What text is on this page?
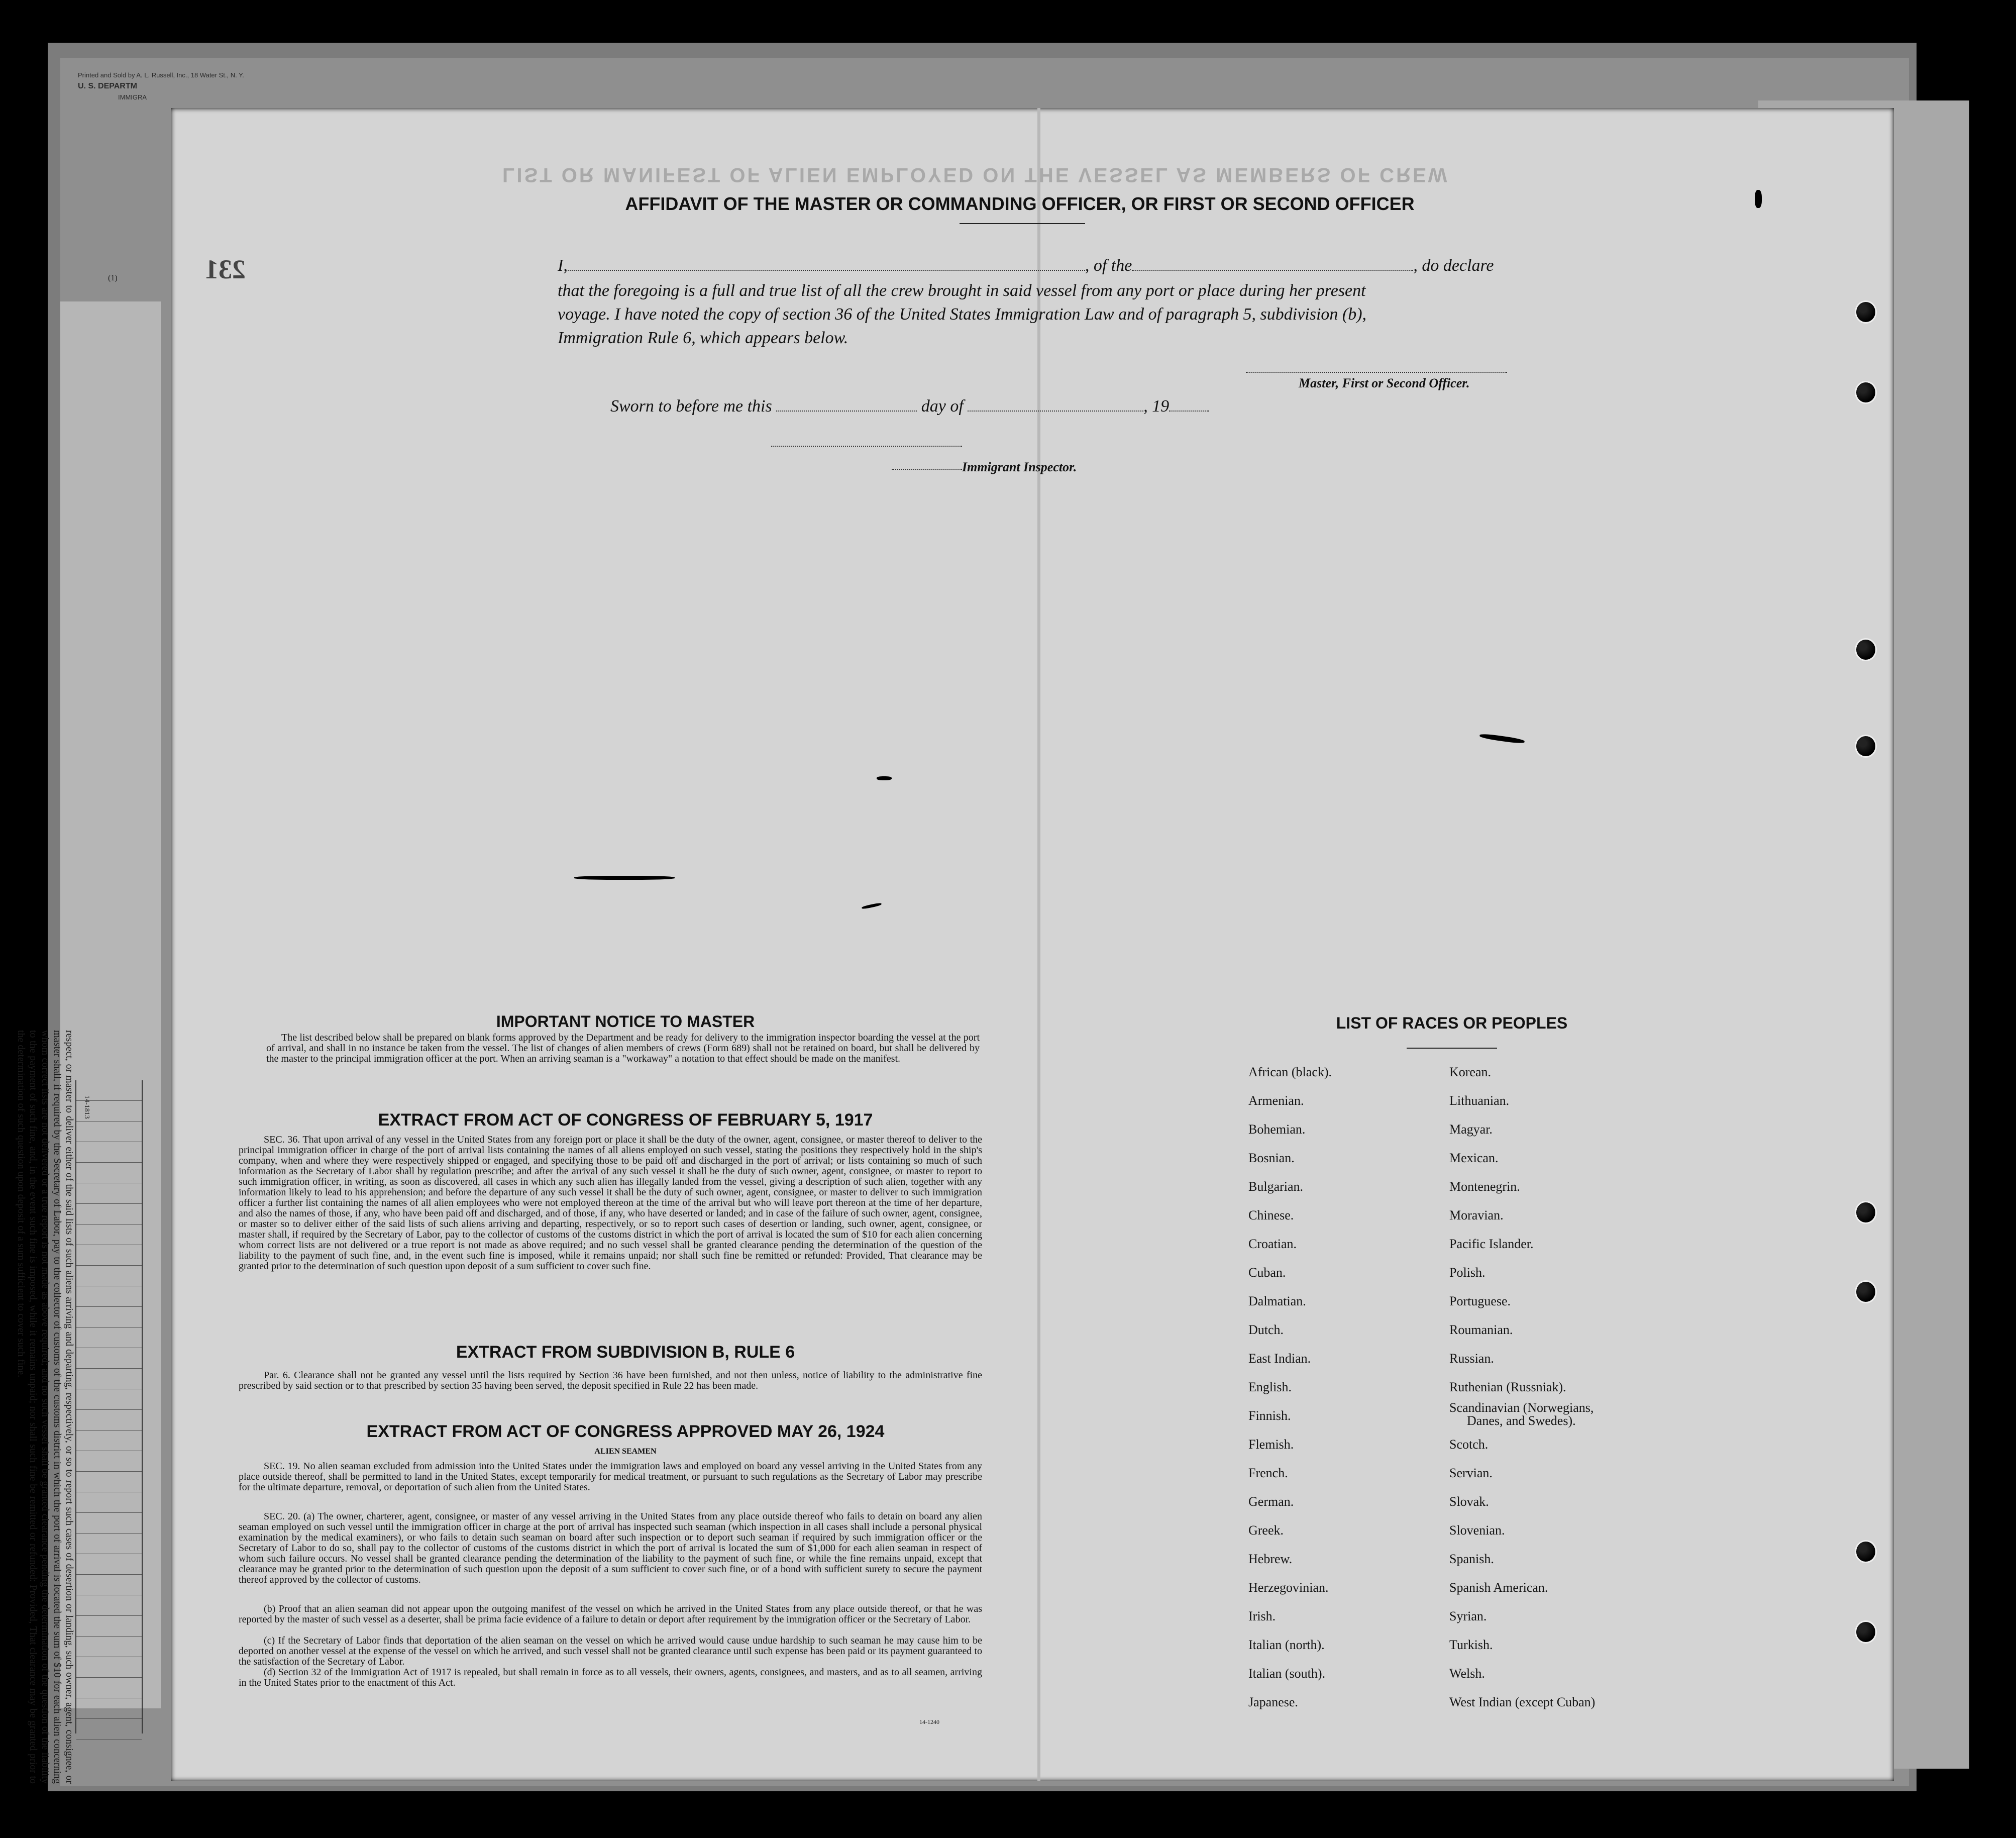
Printed and Sold by A. L. Russell, Inc., 18 Water St., N. Y.
U. S. DEPARTM
IMMIGRA
(1)
respect, or master to deliver either of the said lists of such aliens arriving and departing, respectively, or so to report such cases of desertion or landing, such owner, agent, consignee, or master shall, if required by the Secretary of Labor, pay to the collector of customs of the customs district in which the port of arrival is located the sum of $10 for each alien concerning whom correct lists are not delivered or a true report is not made as above required; and no such vessel shall be granted clearance pending the determination of the question of the liability to the payment of such fine, and, in the event such fine is imposed, while it remains unpaid; nor shall such fine be remitted or refunded: Provided, That clearance may be granted prior to the determination of such question upon deposit of a sum sufficient to cover such fine.	14-1813
LIST OR MANIFEST OF ALIEN EMPLOYED ON THE VESSEL AS MEMBERS OF CREW
231
AFFIDAVIT OF THE MASTER OR COMMANDING OFFICER, OR FIRST OR SECOND OFFICER
I,	, of the	, do declare
that the foregoing is a full and true list of all the crew brought in said vessel from any port or place during her present
voyage. I have noted the copy of section 36 of the United States Immigration Law and of paragraph 5, subdivision (b),
Immigration Rule 6, which appears below.
Master, First or Second Officer.
Sworn to before me this	day of	, 19
Immigrant Inspector.
IMPORTANT NOTICE TO MASTER
The list described below shall be prepared on blank forms approved by the Department and be ready for delivery to the immigration inspector boarding the vessel at the port of arrival, and shall in no instance be taken from the vessel. The list of changes of alien members of crews (Form 689) shall not be retained on board, but shall be delivered by the master to the principal immigration officer at the port. When an arriving seaman is a "workaway" a notation to that effect should be made on the manifest.
EXTRACT FROM ACT OF CONGRESS OF FEBRUARY 5, 1917
SEC. 36. That upon arrival of any vessel in the United States from any foreign port or place it shall be the duty of the owner, agent, consignee, or master thereof to deliver to the principal immigration officer in charge of the port of arrival lists containing the names of all aliens employed on such vessel, stating the positions they respectively hold in the ship's company, when and where they were respectively shipped or engaged, and specifying those to be paid off and discharged in the port of arrival; or lists containing so much of such information as the Secretary of Labor shall by regulation prescribe; and after the arrival of any such vessel it shall be the duty of such owner, agent, consignee, or master to report to such immigration officer, in writing, as soon as discovered, all cases in which any such alien has illegally landed from the vessel, giving a description of such alien, together with any information likely to lead to his apprehension; and before the departure of any such vessel it shall be the duty of such owner, agent, consignee, or master to deliver to such immigration officer a further list containing the names of all alien employees who were not employed thereon at the time of the arrival but who will leave port thereon at the time of her departure, and also the names of those, if any, who have been paid off and discharged, and of those, if any, who have deserted or landed; and in case of the failure of such owner, agent, consignee, or master so to deliver either of the said lists of such aliens arriving and departing, respectively, or so to report such cases of desertion or landing, such owner, agent, consignee, or master shall, if required by the Secretary of Labor, pay to the collector of customs of the customs district in which the port of arrival is located the sum of $10 for each alien concerning whom correct lists are not delivered or a true report is not made as above required; and no such vessel shall be granted clearance pending the determination of the question of the liability to the payment of such fine, and, in the event such fine is imposed, while it remains unpaid; nor shall such fine be remitted or refunded: Provided, That clearance may be granted prior to the determination of such question upon deposit of a sum sufficient to cover such fine.
EXTRACT FROM SUBDIVISION B, RULE 6
Par. 6. Clearance shall not be granted any vessel until the lists required by Section 36 have been furnished, and not then unless, notice of liability to the administrative fine prescribed by said section or to that prescribed by section 35 having been served, the deposit specified in Rule 22 has been made.
EXTRACT FROM ACT OF CONGRESS APPROVED MAY 26, 1924
ALIEN SEAMEN
SEC. 19. No alien seaman excluded from admission into the United States under the immigration laws and employed on board any vessel arriving in the United States from any place outside thereof, shall be permitted to land in the United States, except temporarily for medical treatment, or pursuant to such regulations as the Secretary of Labor may prescribe for the ultimate departure, removal, or deportation of such alien from the United States.
SEC. 20. (a) The owner, charterer, agent, consignee, or master of any vessel arriving in the United States from any place outside thereof who fails to detain on board any alien seaman employed on such vessel until the immigration officer in charge at the port of arrival has inspected such seaman (which inspection in all cases shall include a personal physical examination by the medical examiners), or who fails to detain such seaman on board after such inspection or to deport such seaman if required by such immigration officer or the Secretary of Labor to do so, shall pay to the collector of customs of the customs district in which the port of arrival is located the sum of $1,000 for each alien seaman in respect of whom such failure occurs. No vessel shall be granted clearance pending the determination of the liability to the payment of such fine, or while the fine remains unpaid, except that clearance may be granted prior to the determination of such question upon the deposit of a sum sufficient to cover such fine, or of a bond with sufficient surety to secure the payment thereof approved by the collector of customs.
(b) Proof that an alien seaman did not appear upon the outgoing manifest of the vessel on which he arrived in the United States from any place outside thereof, or that he was reported by the master of such vessel as a deserter, shall be prima facie evidence of a failure to detain or deport after requirement by the immigration officer or the Secretary of Labor.
(c) If the Secretary of Labor finds that deportation of the alien seaman on the vessel on which he arrived would cause undue hardship to such seaman he may cause him to be deported on another vessel at the expense of the vessel on which he arrived, and such vessel shall not be granted clearance until such expense has been paid or its payment guaranteed to the satisfaction of the Secretary of Labor.
(d) Section 32 of the Immigration Act of 1917 is repealed, but shall remain in force as to all vessels, their owners, agents, consignees, and masters, and as to all seamen, arriving in the United States prior to the enactment of this Act.
14-1240
LIST OF RACES OR PEOPLES
African (black).
Armenian.
Bohemian.
Bosnian.
Bulgarian.
Chinese.
Croatian.
Cuban.
Dalmatian.
Dutch.
East Indian.
English.
Finnish.
Flemish.
French.
German.
Greek.
Hebrew.
Herzegovinian.
Irish.
Italian (north).
Italian (south).
Japanese.
Korean.
Lithuanian.
Magyar.
Mexican.
Montenegrin.
Moravian.
Pacific Islander.
Polish.
Portuguese.
Roumanian.
Russian.
Ruthenian (Russniak).
Scandinavian (Norwegians,
Danes, and Swedes).
Scotch.
Servian.
Slovak.
Slovenian.
Spanish.
Spanish American.
Syrian.
Turkish.
Welsh.
West Indian (except Cuban)
